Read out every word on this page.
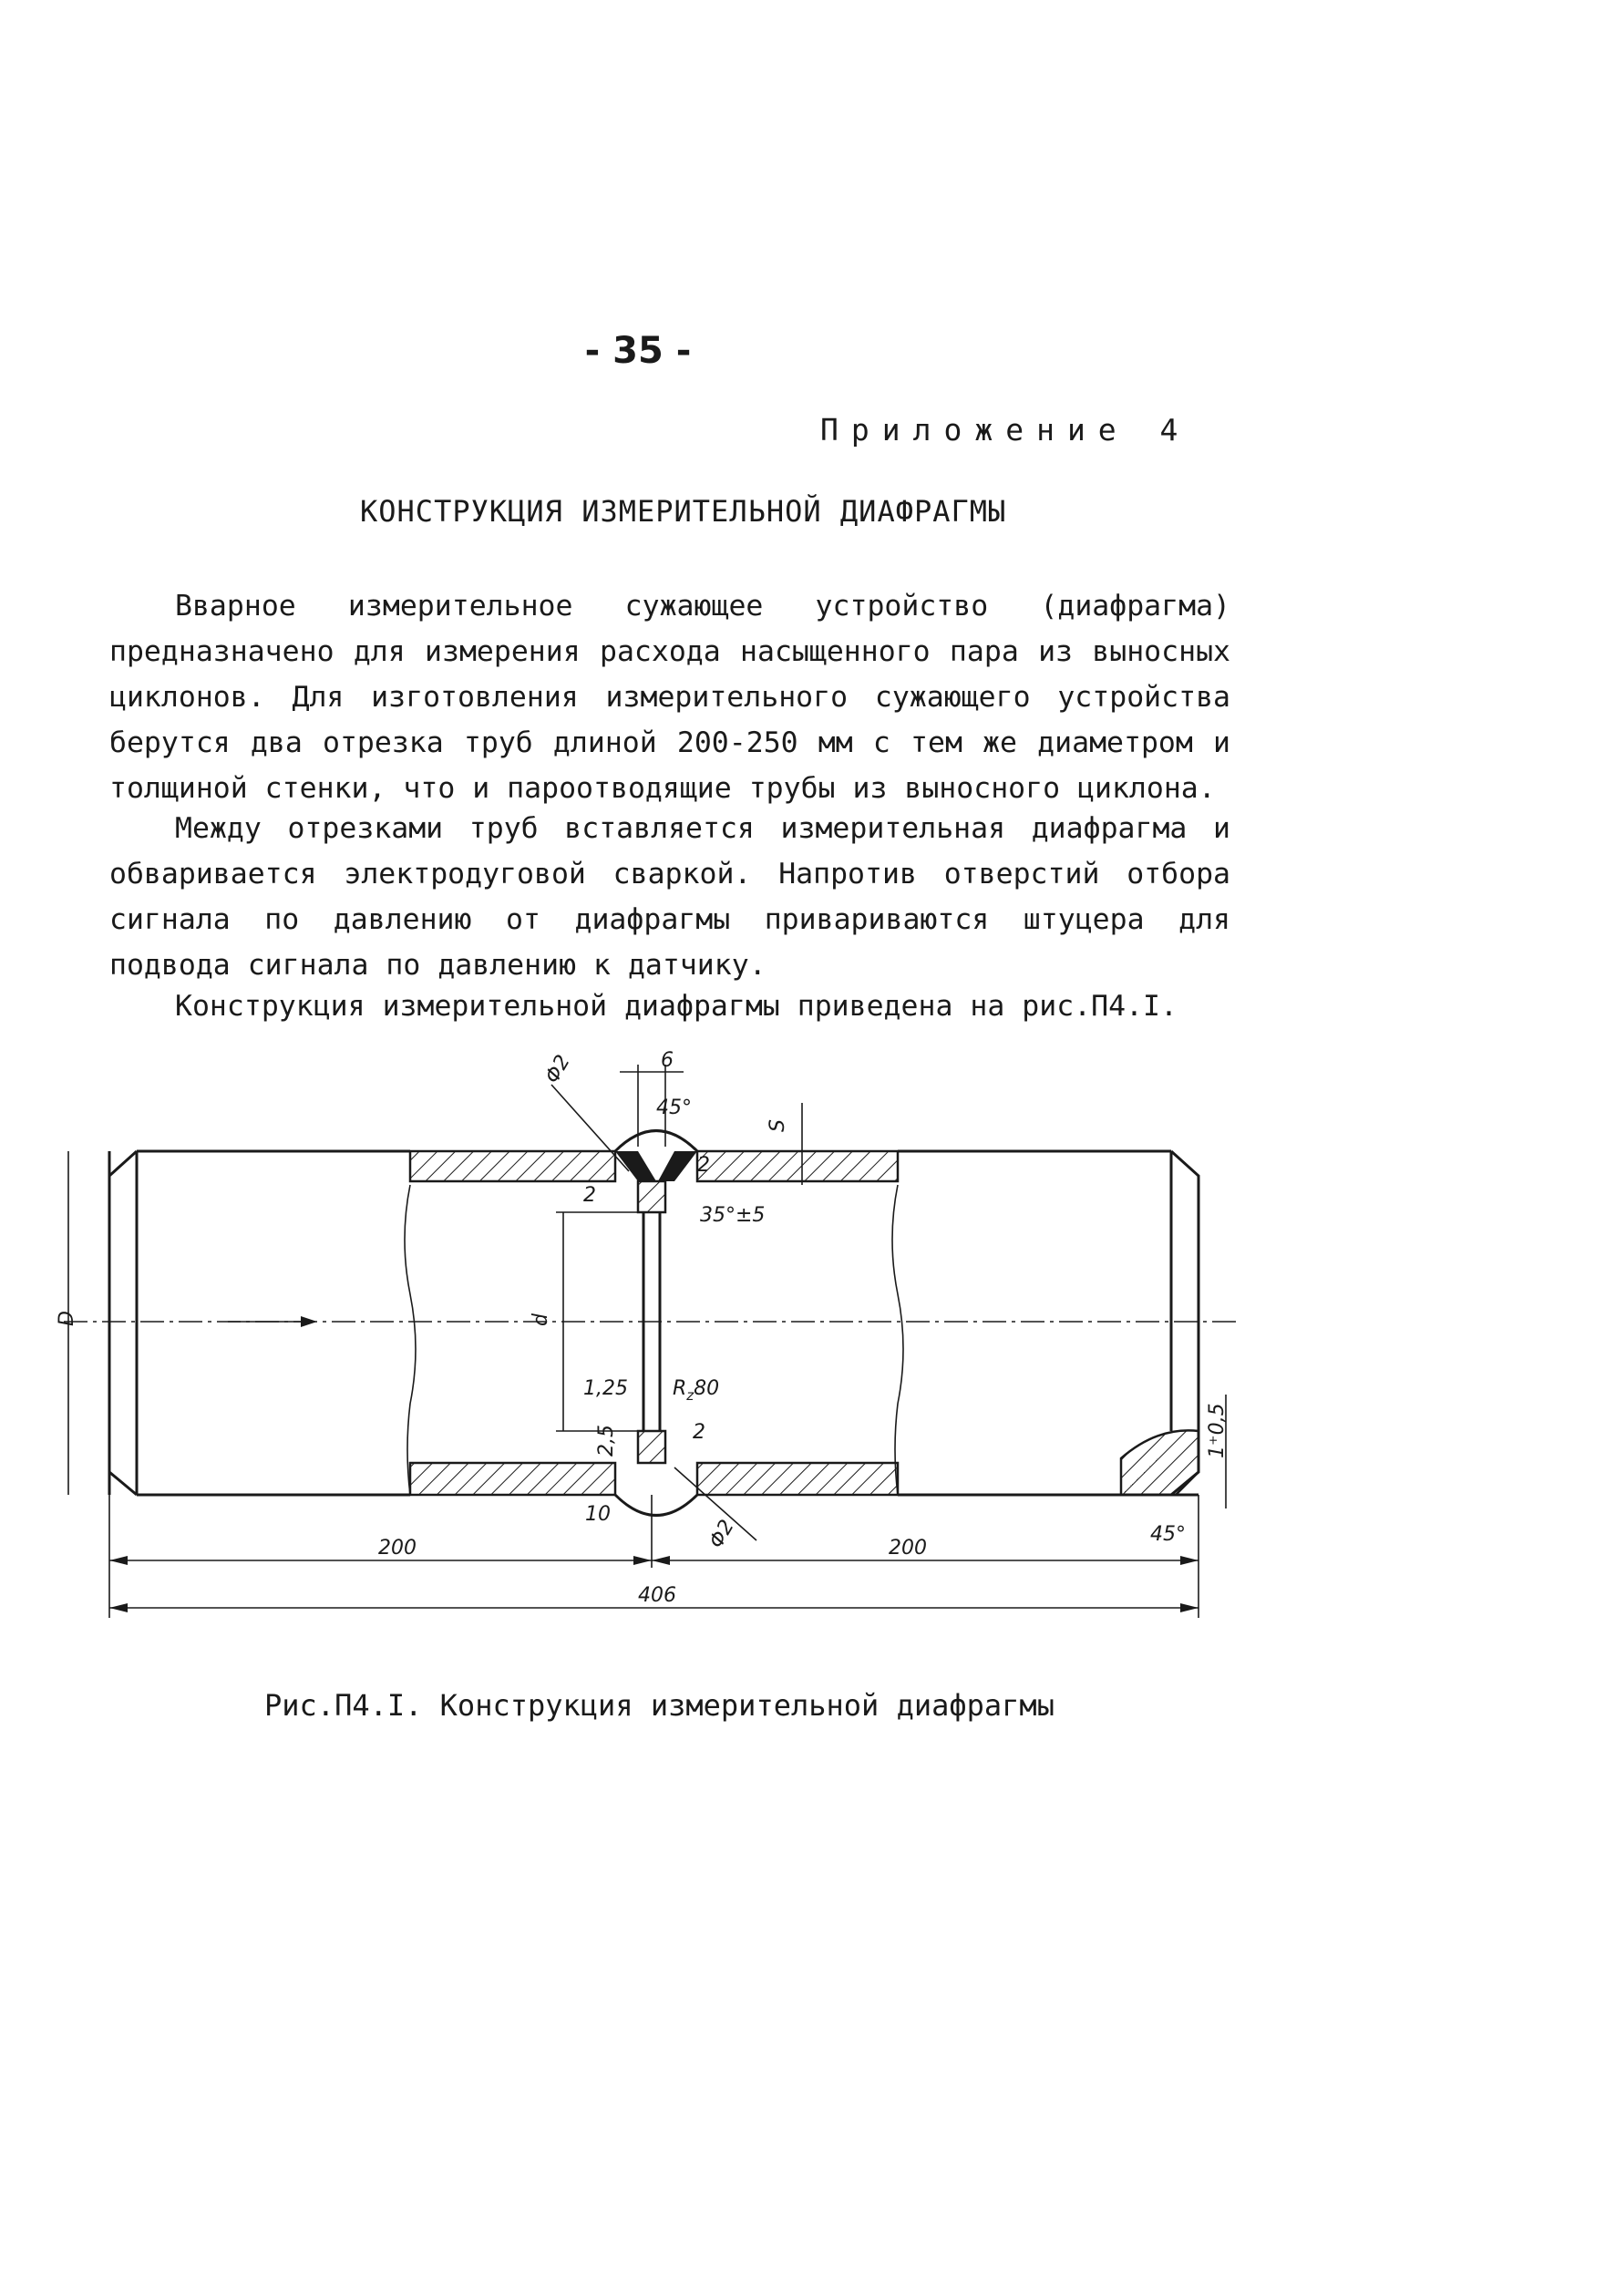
- 35 -
Приложение 4
КОНСТРУКЦИЯ ИЗМЕРИТЕЛЬНОЙ ДИАФРАГМЫ

Вварное измерительное сужающее устройство (диафрагма) предназначено для измерения расхода насыщенного пара из выносных циклонов. Для изготовления измерительного сужающего устройства берутся два отрезка труб длиной 200-250 мм с тем же диаметром и толщиной стенки, что и пароотводящие трубы из выносного циклона.

Между отрезками труб вставляется измерительная диафрагма и обваривается электродуговой сваркой. Напротив отверстий отбора сигнала по давлению от диафрагмы привариваются штуцера для подвода сигнала по давлению к датчику.

Конструкция измерительной диафрагмы приведена на рис.П4.I.

Φ2	6
45°
S
2
2
35°±5
D	d
1,25 $R_z80$
2
2,5
10
Φ2
200	200
406
45°
1⁺0,5
Рис.П4.I. Конструкция измерительной диафрагмы
